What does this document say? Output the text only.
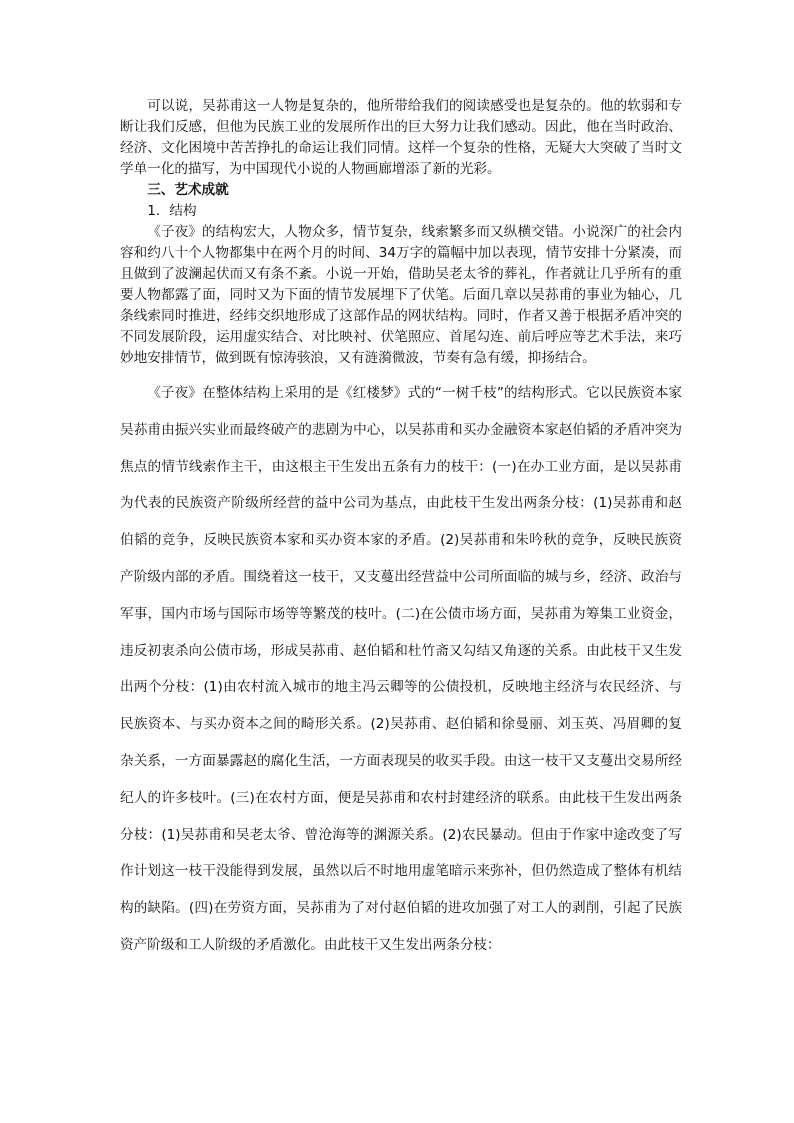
可以说，吴荪甫这一人物是复杂的，他所带给我们的阅读感受也是复杂的。他的软弱和专断让我们反感，但他为民族工业的发展所作出的巨大努力让我们感动。因此，他在当时政治、经济、文化困境中苦苦挣扎的命运让我们同情。这样一个复杂的性格，无疑大大突破了当时文学单一化的描写，为中国现代小说的人物画廊增添了新的光彩。

三、艺术成就

1．结构

《子夜》的结构宏大，人物众多，情节复杂，线索繁多而又纵横交错。小说深广的社会内容和约八十个人物都集中在两个月的时间、34万字的篇幅中加以表现，情节安排十分紧凑，而且做到了波澜起伏而又有条不紊。小说一开始，借助吴老太爷的葬礼，作者就让几乎所有的重要人物都露了面，同时又为下面的情节发展埋下了伏笔。后面几章以吴荪甫的事业为轴心，几条线索同时推进，经纬交织地形成了这部作品的网状结构。同时，作者又善于根据矛盾冲突的不同发展阶段，运用虚实结合、对比映衬、伏笔照应、首尾勾连、前后呼应等艺术手法，来巧妙地安排情节，做到既有惊涛骇浪，又有涟漪微波，节奏有急有缓，抑扬结合。

《子夜》在整体结构上采用的是《红楼梦》式的“一树千枝”的结构形式。它以民族资本家吴荪甫由振兴实业而最终破产的悲剧为中心，以吴荪甫和买办金融资本家赵伯韬的矛盾冲突为焦点的情节线索作主干，由这根主干生发出五条有力的枝干：(一)在办工业方面，是以吴荪甫为代表的民族资产阶级所经营的益中公司为基点，由此枝干生发出两条分枝：(1)吴荪甫和赵伯韬的竞争，反映民族资本家和买办资本家的矛盾。(2)吴荪甫和朱吟秋的竞争，反映民族资产阶级内部的矛盾。围绕着这一枝干，又支蔓出经营益中公司所面临的城与乡，经济、政治与军事，国内市场与国际市场等等繁茂的枝叶。(二)在公债市场方面，吴荪甫为筹集工业资金，违反初衷杀向公债市场，形成吴荪甫、赵伯韬和杜竹斋又勾结又角逐的关系。由此枝干又生发出两个分枝：(1)由农村流入城市的地主冯云卿等的公债投机，反映地主经济与农民经济、与民族资本、与买办资本之间的畸形关系。(2)吴荪甫、赵伯韬和徐曼丽、刘玉英、冯眉卿的复杂关系，一方面暴露赵的腐化生活，一方面表现吴的收买手段。由这一枝干又支蔓出交易所经纪人的许多枝叶。(三)在农村方面，便是吴荪甫和农村封建经济的联系。由此枝干生发出两条分枝：(1)吴荪甫和吴老太爷、曾沧海等的渊源关系。(2)农民暴动。但由于作家中途改变了写作计划这一枝干没能得到发展，虽然以后不时地用虚笔暗示来弥补，但仍然造成了整体有机结构的缺陷。(四)在劳资方面，吴荪甫为了对付赵伯韬的进攻加强了对工人的剥削，引起了民族资产阶级和工人阶级的矛盾激化。由此枝干又生发出两条分枝：
